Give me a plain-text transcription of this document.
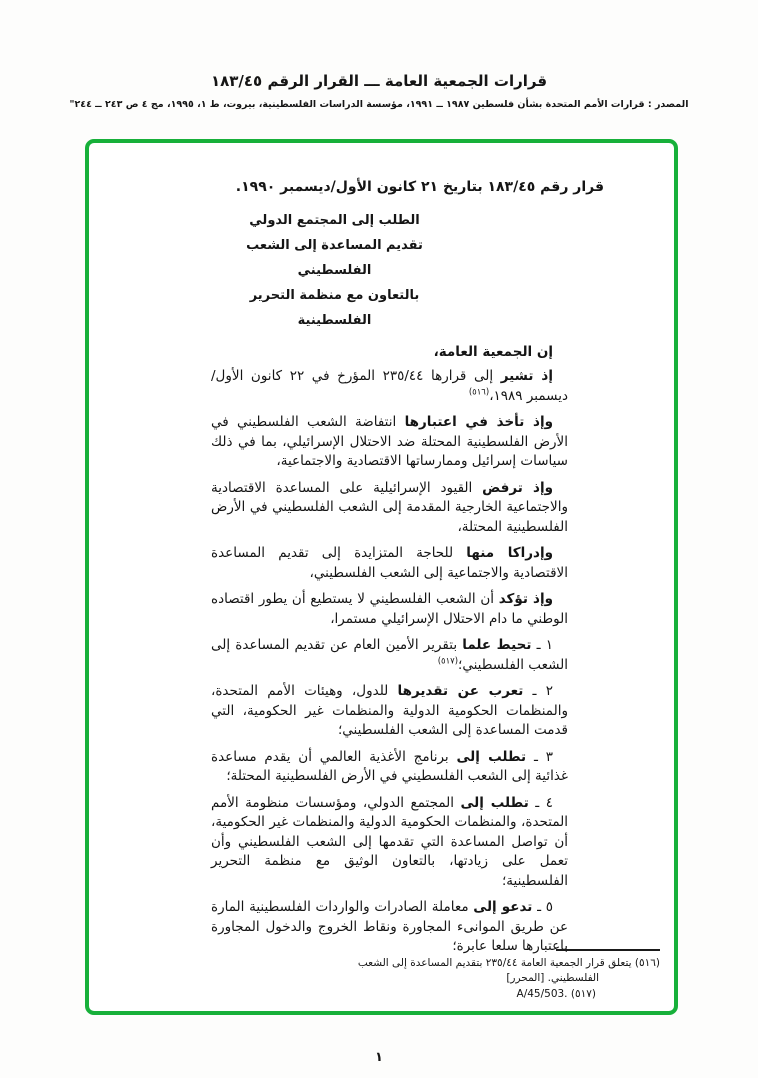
قرارات الجمعية العامة ـــ القرار الرقم ١٨٣/٤٥
المصدر : قرارات الأمم المتحدة بشأن فلسطين ١٩٨٧ ــ ١٩٩١، مؤسسة الدراسات الفلسطينية، بيروت، ط ١، ١٩٩٥، مج ٤ ص ٢٤٣ ــ ٢٤٤"
قرار رقم ١٨٣/٤٥ بتاريخ ٢١ كانون الأول/ديسمبر ١٩٩٠.
الطلب إلى المجتمع الدولي
تقديم المساعدة إلى الشعب الفلسطيني
بالتعاون مع منظمة التحرير الفلسطينية

إن الجمعية العامة،

إذ تشير إلى قرارها ٢٣٥/٤٤ المؤرخ في ٢٢ كانون الأول/ ديسمبر ١٩٨٩،$^{(٥١٦)}$

وإذ تأخذ في اعتبارها انتفاضة الشعب الفلسطيني في الأرض الفلسطينية المحتلة ضد الاحتلال الإسرائيلي، بما في ذلك سياسات إسرائيل وممارساتها الاقتصادية والاجتماعية،

وإذ ترفض القيود الإسرائيلية على المساعدة الاقتصادية والاجتماعية الخارجية المقدمة إلى الشعب الفلسطيني في الأرض الفلسطينية المحتلة،

وإدراكا منها للحاجة المتزايدة إلى تقديم المساعدة الاقتصادية والاجتماعية إلى الشعب الفلسطيني،

وإذ تؤكد أن الشعب الفلسطيني لا يستطيع أن يطور اقتصاده الوطني ما دام الاحتلال الإسرائيلي مستمرا،

١ ـ تحيط علما بتقرير الأمين العام عن تقديم المساعدة إلى الشعب الفلسطيني؛$^{(٥١٧)}$

٢ ـ تعرب عن تقديرها للدول، وهيئات الأمم المتحدة، والمنظمات الحكومية الدولية والمنظمات غير الحكومية، التي قدمت المساعدة إلى الشعب الفلسطيني؛

٣ ـ تطلب إلى برنامج الأغذية العالمي أن يقدم مساعدة غذائية إلى الشعب الفلسطيني في الأرض الفلسطينية المحتلة؛

٤ ـ تطلب إلى المجتمع الدولي، ومؤسسات منظومة الأمم المتحدة، والمنظمات الحكومية الدولية والمنظمات غير الحكومية، أن تواصل المساعدة التي تقدمها إلى الشعب الفلسطيني وأن تعمل على زيادتها، بالتعاون الوثيق مع منظمة التحرير الفلسطينية؛

٥ ـ تدعو إلى معاملة الصادرات والواردات الفلسطينية المارة عن طريق الموانىء المجاورة ونقاط الخروج والدخول المجاورة باعتبارها سلعا عابرة؛

(٥١٦) يتعلق قرار الجمعية العامة ٢٣٥/٤٤ بتقديم المساعدة إلى الشعب
الفلسطيني. [المحرر]
(٥١٧) A/45/503.
١
